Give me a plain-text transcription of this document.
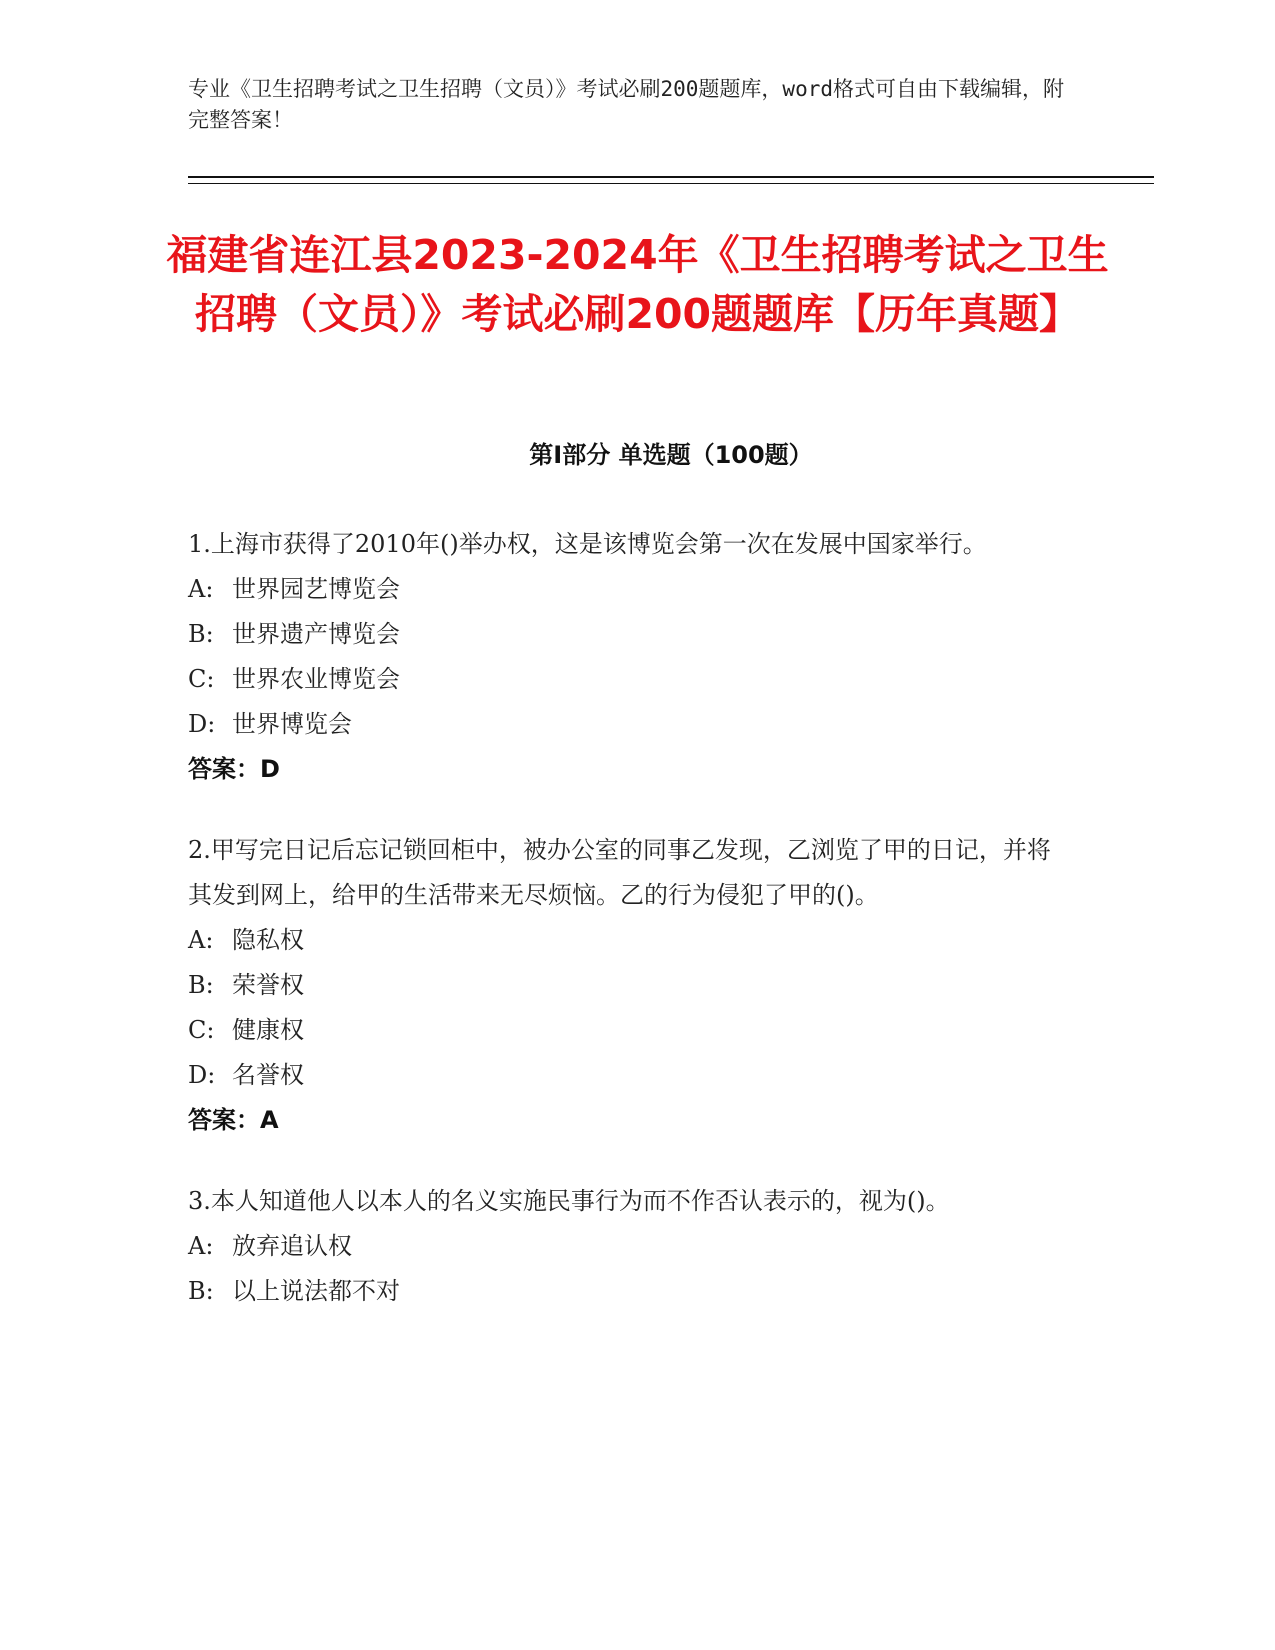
专业《卫生招聘考试之卫生招聘（文员）》考试必刷200题题库，word格式可自由下载编辑，附完整答案！
福建省连江县2023-2024年《卫生招聘考试之卫生招聘（文员）》考试必刷200题题库【历年真题】
第Ⅰ部分 单选题（100题）
1.上海市获得了2010年()举办权，这是该博览会第一次在发展中国家举行。
A: 世界园艺博览会
B: 世界遗产博览会
C: 世界农业博览会
D: 世界博览会
答案：D
2.甲写完日记后忘记锁回柜中，被办公室的同事乙发现，乙浏览了甲的日记，并将其发到网上，给甲的生活带来无尽烦恼。乙的行为侵犯了甲的()。
A: 隐私权
B: 荣誉权
C: 健康权
D: 名誉权
答案：A
3.本人知道他人以本人的名义实施民事行为而不作否认表示的，视为()。
A: 放弃追认权
B: 以上说法都不对
